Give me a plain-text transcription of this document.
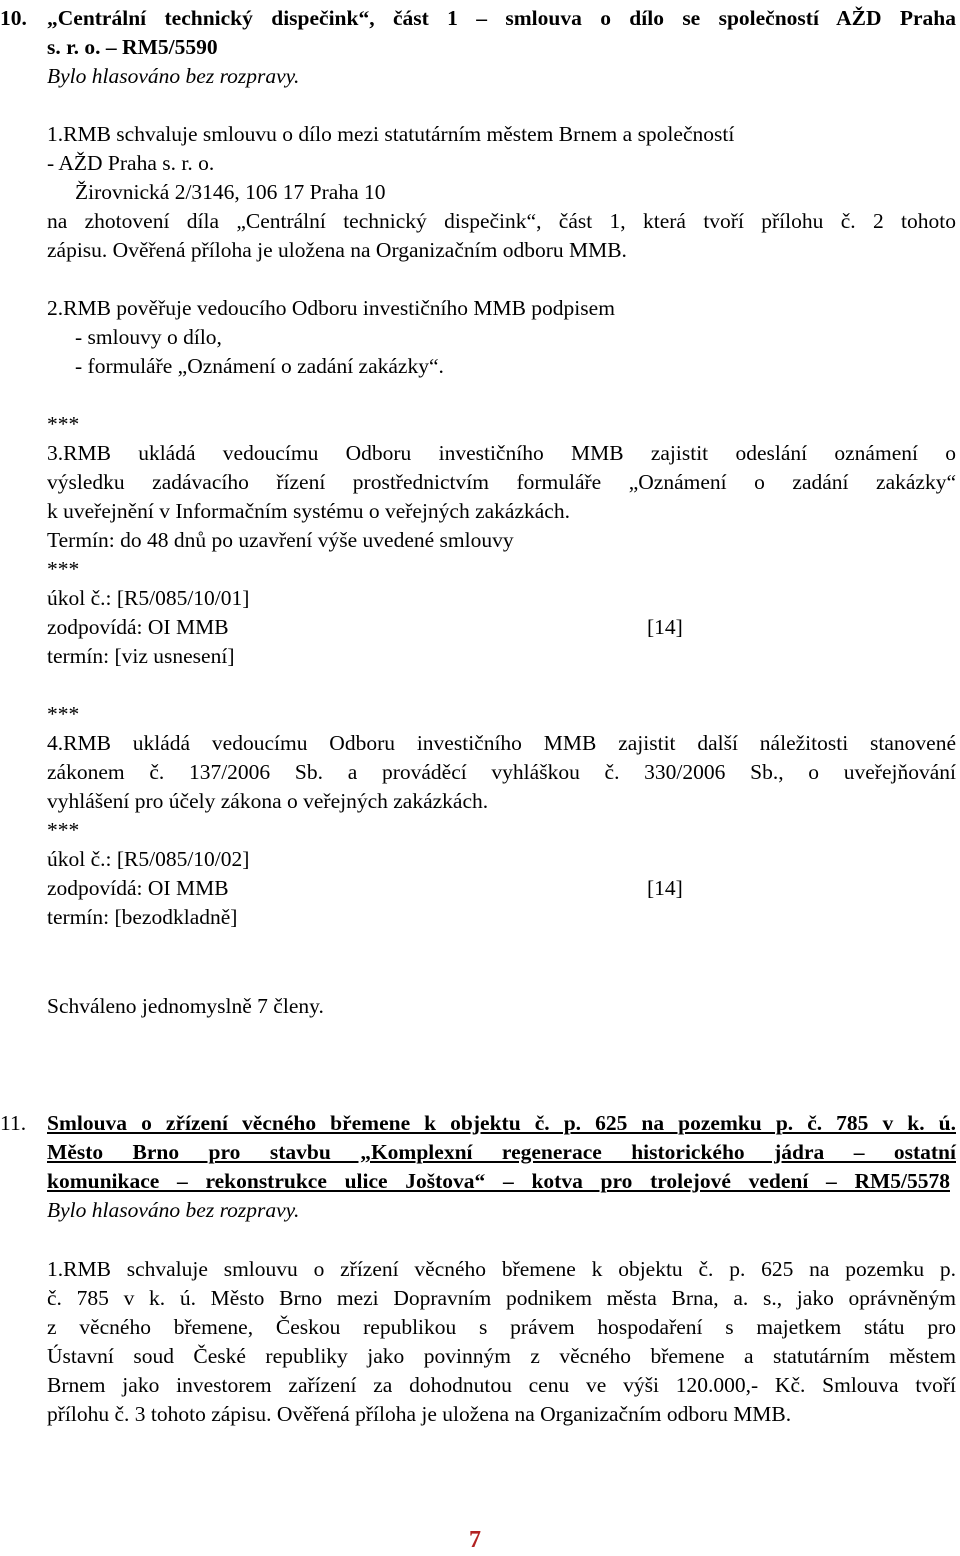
10. „Centrální technický dispečink“, část 1 – smlouva o dílo se společností AŽD Praha
s. r. o. – RM5/5590
Bylo hlasováno bez rozpravy.
1.RMB schvaluje smlouvu o dílo mezi statutárním městem Brnem a společností
- AŽD Praha s. r. o.
Žirovnická 2/3146, 106 17 Praha 10
na zhotovení díla „Centrální technický dispečink“, část 1, která tvoří přílohu č. 2 tohoto
zápisu. Ověřená příloha je uložena na Organizačním odboru MMB.
2.RMB pověřuje vedoucího Odboru investičního MMB podpisem
- smlouvy o dílo,
- formuláře „Oznámení o zadání zakázky“.
***
3.RMB ukládá vedoucímu Odboru investičního MMB zajistit odeslání oznámení o
výsledku zadávacího řízení prostřednictvím formuláře „Oznámení o zadání zakázky“
k uveřejnění v Informačním systému o veřejných zakázkách.
Termín: do 48 dnů po uzavření výše uvedené smlouvy
***
úkol č.: [R5/085/10/01]
zodpovídá: OI MMB	[14]
termín: [viz usnesení]
***
4.RMB ukládá vedoucímu Odboru investičního MMB zajistit další náležitosti stanovené
zákonem č. 137/2006 Sb. a prováděcí vyhláškou č. 330/2006 Sb., o uveřejňování
vyhlášení pro účely zákona o veřejných zakázkách.
***
úkol č.: [R5/085/10/02]
zodpovídá: OI MMB	[14]
termín: [bezodkladně]
Schváleno jednomyslně 7 členy.
11. Smlouva o zřízení věcného břemene k objektu č. p. 625 na pozemku p. č. 785 v k. ú.
Město Brno pro stavbu „Komplexní regenerace historického jádra – ostatní
komunikace – rekonstrukce ulice Joštova“ – kotva pro trolejové vedení – RM5/5578
Bylo hlasováno bez rozpravy.
1.RMB schvaluje smlouvu o zřízení věcného břemene k objektu č. p. 625 na pozemku p.
č. 785 v k. ú. Město Brno mezi Dopravním podnikem města Brna, a. s., jako oprávněným
z věcného břemene, Českou republikou s právem hospodaření s majetkem státu pro
Ústavní soud České republiky jako povinným z věcného břemene a statutárním městem
Brnem jako investorem zařízení za dohodnutou cenu ve výši 120.000,- Kč. Smlouva tvoří
přílohu č. 3 tohoto zápisu. Ověřená příloha je uložena na Organizačním odboru MMB.
7
